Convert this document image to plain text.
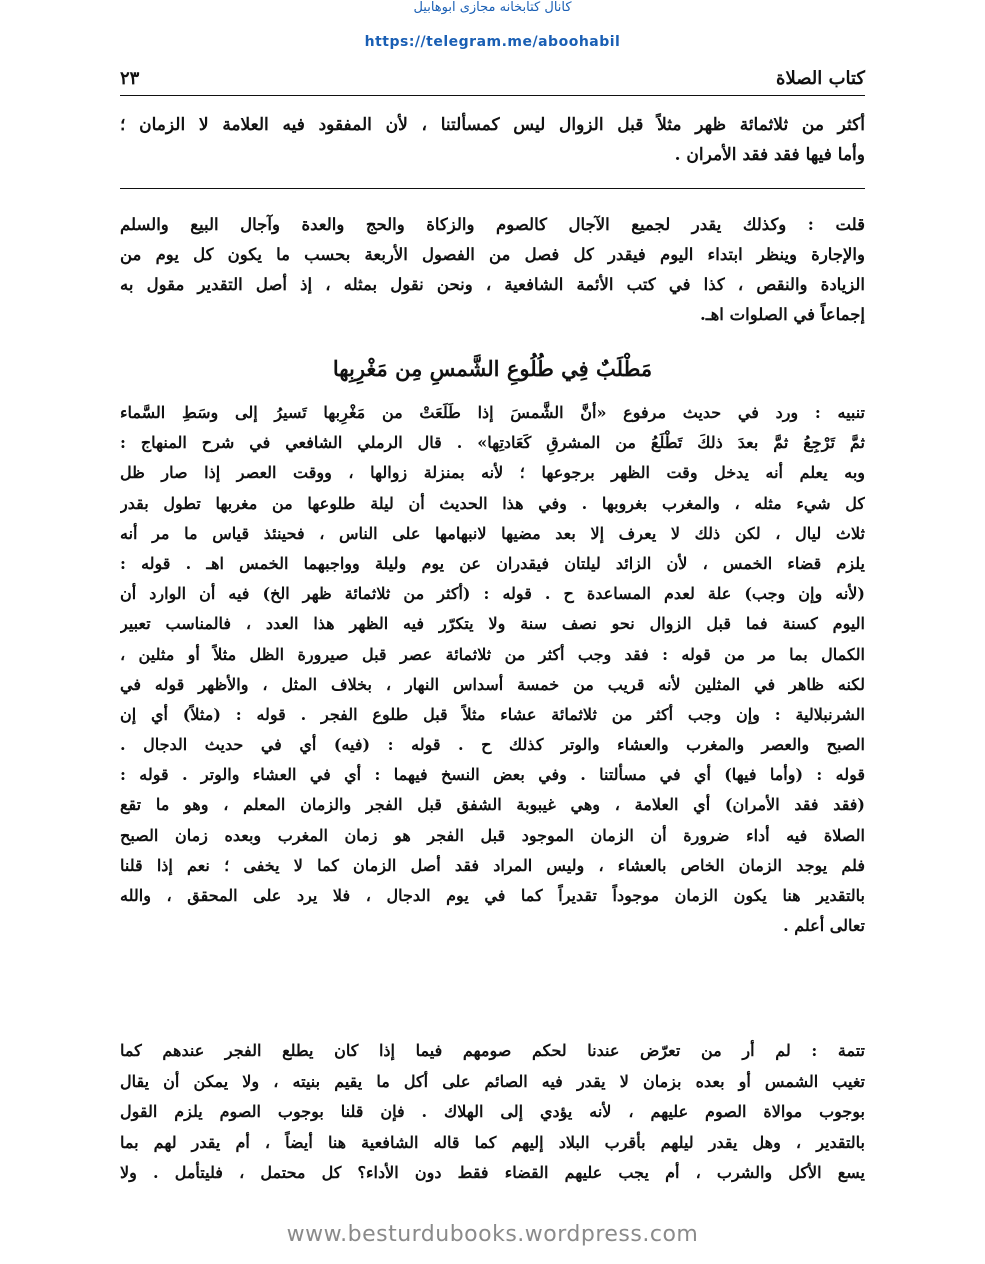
کانال کتابخانه مجازی ابوهابیل
https://telegram.me/aboohabil
كتاب الصلاة
٢٣
أكثر من ثلاثمائة ظهر مثلاً قبل الزوال ليس كمسألتنا ، لأن المفقود فيه العلامة لا الزمان ؛
وأما فيها فقد فقد الأمران .
قلت : وكذلك يقدر لجميع الآجال كالصوم والزكاة والحج والعدة وآجال البيع والسلم
والإجارة وينظر ابتداء اليوم فيقدر كل فصل من الفصول الأربعة بحسب ما يكون كل يوم من
الزيادة والنقص ، كذا في كتب الأئمة الشافعية ، ونحن نقول بمثله ، إذ أصل التقدير مقول به
إجماعاً في الصلوات اهـ.
مَطْلَبٌ فِي طُلُوعِ الشَّمسِ مِن مَغْرِبِها
تنبيه : ورد في حديث مرفوع «أنَّ الشَّمسَ إذا طَلَعَتْ من مَغْرِبها تَسيرُ إلى وسَطِ السَّماء
ثمَّ تَرْجِعُ ثمَّ بعدَ ذلكَ تَطْلَعُ من المشرقِ كَعَادتِها» . قال الرملي الشافعي في شرح المنهاج :
وبه يعلم أنه يدخل وقت الظهر برجوعها ؛ لأنه بمنزلة زوالها ، ووقت العصر إذا صار ظل
كل شيء مثله ، والمغرب بغروبها . وفي هذا الحديث أن ليلة طلوعها من مغربها تطول بقدر
ثلاث ليال ، لكن ذلك لا يعرف إلا بعد مضيها لانبهامها على الناس ، فحينئذ قياس ما مر أنه
يلزم قضاء الخمس ، لأن الزائد ليلتان فيقدران عن يوم وليلة وواجبهما الخمس اهـ . قوله :
(لأنه وإن وجب) علة لعدم المساعدة ح . قوله : (أكثر من ثلاثمائة ظهر الخ) فيه أن الوارد أن
اليوم كسنة فما قبل الزوال نحو نصف سنة ولا يتكرّر فيه الظهر هذا العدد ، فالمناسب تعبير
الكمال بما مر من قوله : فقد وجب أكثر من ثلاثمائة عصر قبل صيرورة الظل مثلاً أو مثلين ،
لكنه ظاهر في المثلين لأنه قريب من خمسة أسداس النهار ، بخلاف المثل ، والأظهر قوله في
الشرنبلالية : وإن وجب أكثر من ثلاثمائة عشاء مثلاً قبل طلوع الفجر . قوله : (مثلاً) أي إن
الصبح والعصر والمغرب والعشاء والوتر كذلك ح . قوله : (فيه) أي في حديث الدجال .
قوله : (وأما فيها) أي في مسألتنا . وفي بعض النسخ فيهما : أي في العشاء والوتر . قوله :
(فقد فقد الأمران) أي العلامة ، وهي غيبوبة الشفق قبل الفجر والزمان المعلم ، وهو ما تقع
الصلاة فيه أداء ضرورة أن الزمان الموجود قبل الفجر هو زمان المغرب وبعده زمان الصبح
فلم يوجد الزمان الخاص بالعشاء ، وليس المراد فقد أصل الزمان كما لا يخفى ؛ نعم إذا قلنا
بالتقدير هنا يكون الزمان موجوداً تقديراً كما في يوم الدجال ، فلا يرد على المحقق ، والله
تعالى أعلم .
تتمة : لم أر من تعرّض عندنا لحكم صومهم فيما إذا كان يطلع الفجر عندهم كما
تغيب الشمس أو بعده بزمان لا يقدر فيه الصائم على أكل ما يقيم بنيته ، ولا يمكن أن يقال
بوجوب موالاة الصوم عليهم ، لأنه يؤدي إلى الهلاك . فإن قلنا بوجوب الصوم يلزم القول
بالتقدير ، وهل يقدر ليلهم بأقرب البلاد إليهم كما قاله الشافعية هنا أيضاً ، أم يقدر لهم بما
يسع الأكل والشرب ، أم يجب عليهم القضاء فقط دون الأداء؟ كل محتمل ، فليتأمل . ولا
www.besturdubooks.wordpress.com
